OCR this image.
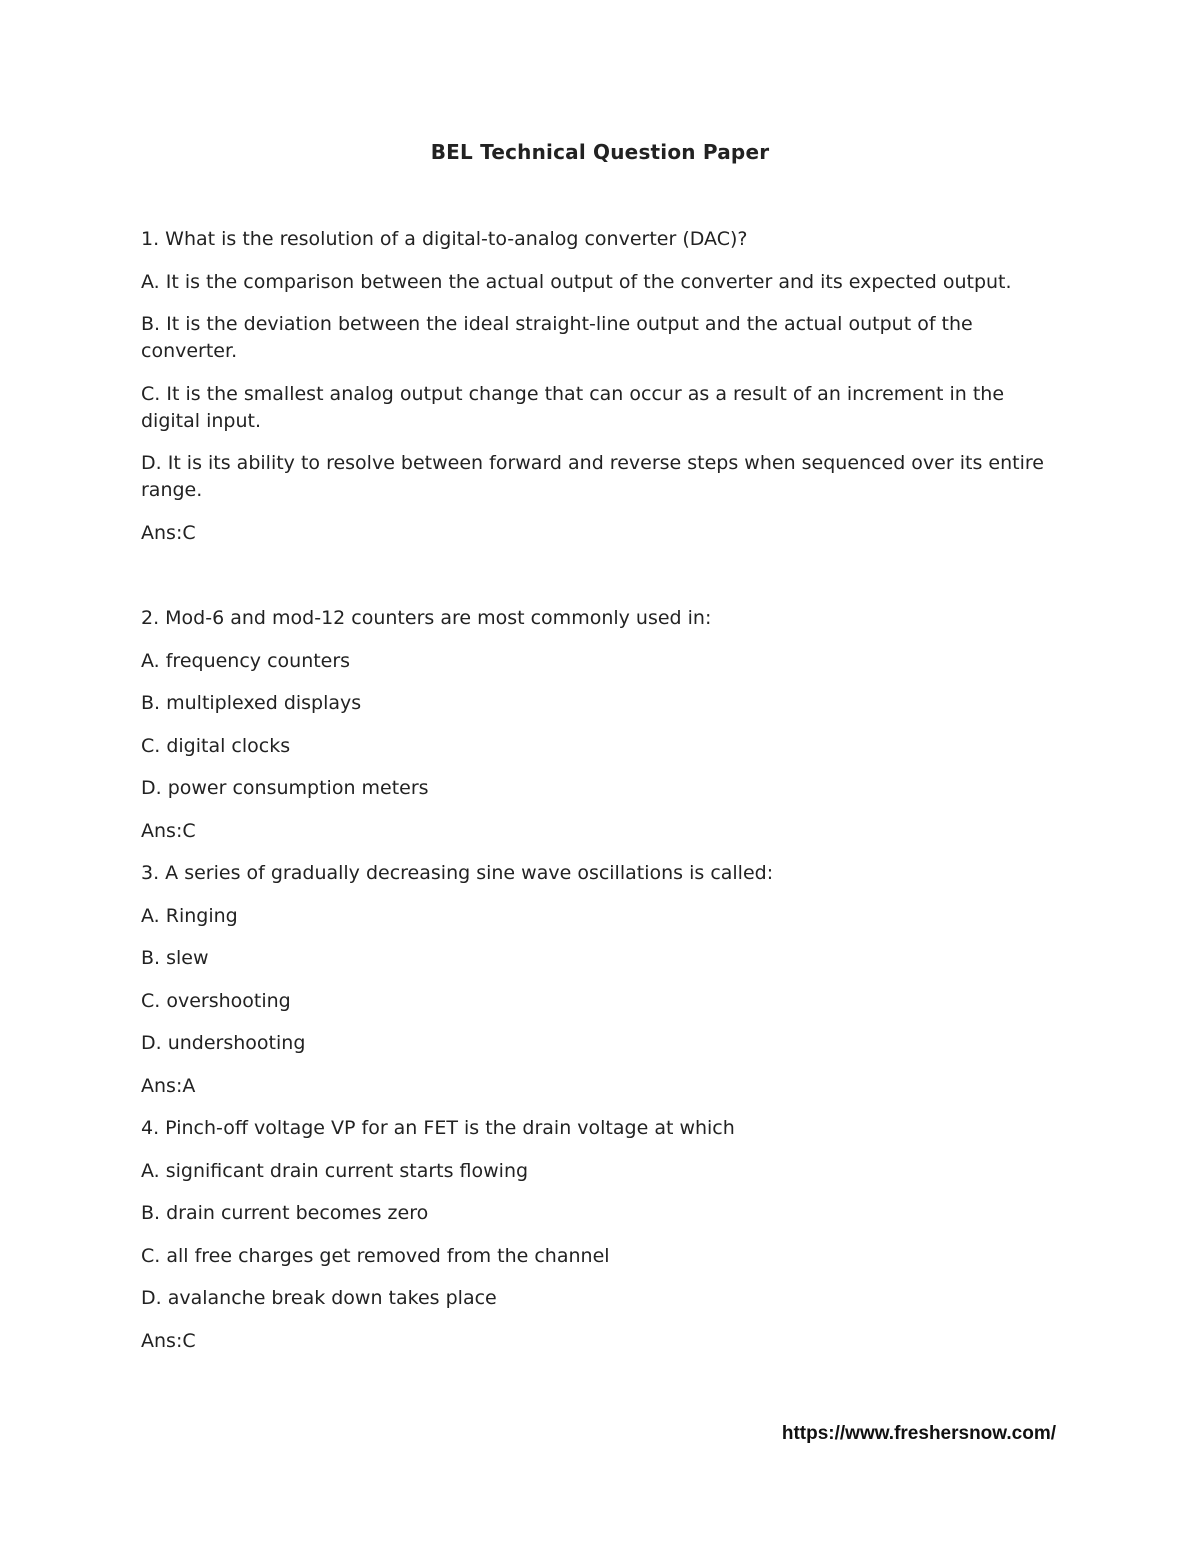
BEL Technical Question Paper
1. What is the resolution of a digital-to-analog converter (DAC)?
A. It is the comparison between the actual output of the converter and its expected output.
B. It is the deviation between the ideal straight-line output and the actual output of the converter.
C. It is the smallest analog output change that can occur as a result of an increment in the digital input.
D. It is its ability to resolve between forward and reverse steps when sequenced over its entire range.
Ans:C
2. Mod-6 and mod-12 counters are most commonly used in:
A. frequency counters
B. multiplexed displays
C. digital clocks
D. power consumption meters
Ans:C
3. A series of gradually decreasing sine wave oscillations is called:
A. Ringing
B. slew
C. overshooting
D. undershooting
Ans:A
4. Pinch-off voltage VP for an FET is the drain voltage at which
A. significant drain current starts flowing
B. drain current becomes zero
C. all free charges get removed from the channel
D. avalanche break down takes place
Ans:C
https://www.freshersnow.com/
